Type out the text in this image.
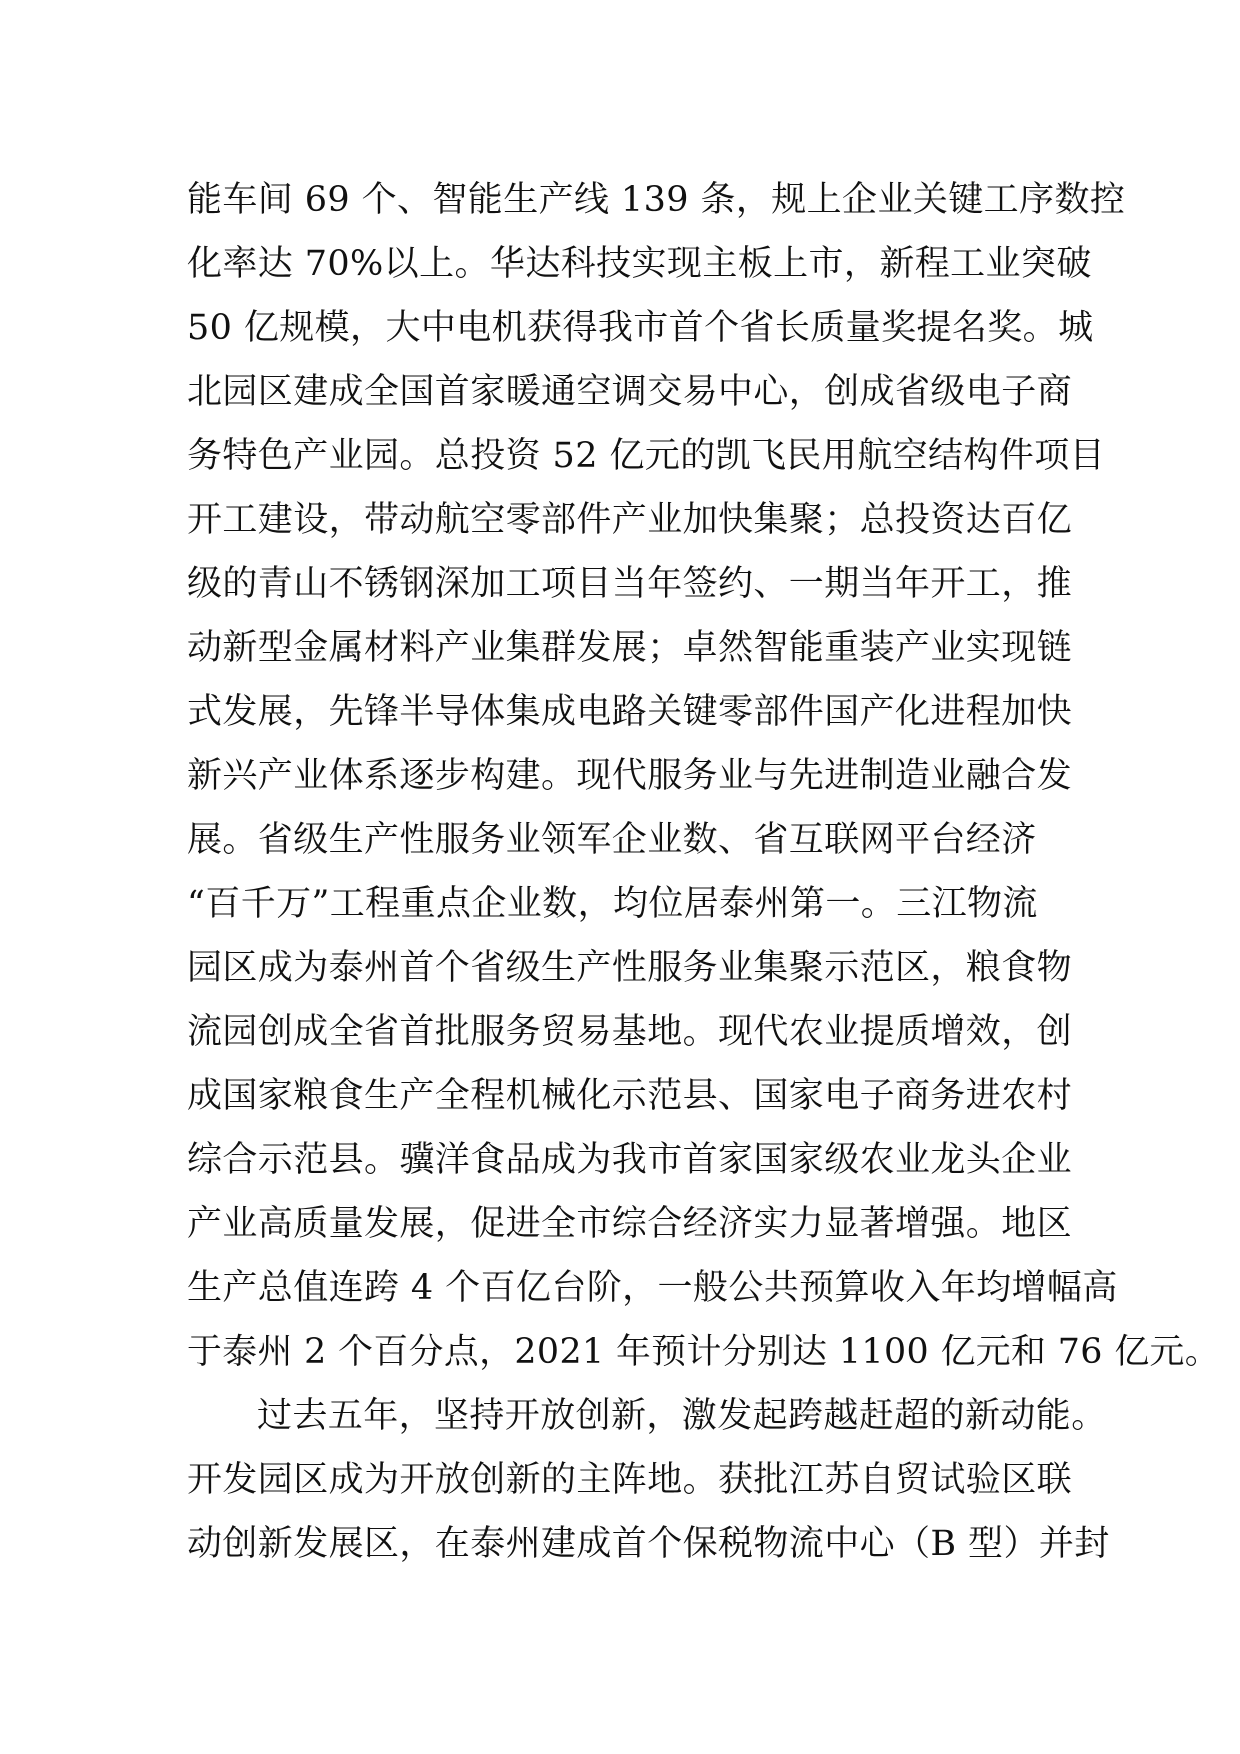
能车间 69 个、智能生产线 139 条，规上企业关键工序数控
化率达 70%以上。华达科技实现主板上市，新程工业突破
50 亿规模，大中电机获得我市首个省长质量奖提名奖。城
北园区建成全国首家暖通空调交易中心，创成省级电子商
务特色产业园。总投资 52 亿元的凯飞民用航空结构件项目
开工建设，带动航空零部件产业加快集聚；总投资达百亿
级的青山不锈钢深加工项目当年签约、一期当年开工，推
动新型金属材料产业集群发展；卓然智能重装产业实现链
式发展，先锋半导体集成电路关键零部件国产化进程加快
新兴产业体系逐步构建。现代服务业与先进制造业融合发
展。省级生产性服务业领军企业数、省互联网平台经济
“百千万”工程重点企业数，均位居泰州第一。三江物流
园区成为泰州首个省级生产性服务业集聚示范区，粮食物
流园创成全省首批服务贸易基地。现代农业提质增效，创
成国家粮食生产全程机械化示范县、国家电子商务进农村
综合示范县。骥洋食品成为我市首家国家级农业龙头企业
产业高质量发展，促进全市综合经济实力显著增强。地区
生产总值连跨 4 个百亿台阶，一般公共预算收入年均增幅高
于泰州 2 个百分点，2021 年预计分别达 1100 亿元和 76 亿元。
过去五年，坚持开放创新，激发起跨越赶超的新动能。
开发园区成为开放创新的主阵地。获批江苏自贸试验区联
动创新发展区，在泰州建成首个保税物流中心（B 型）并封
